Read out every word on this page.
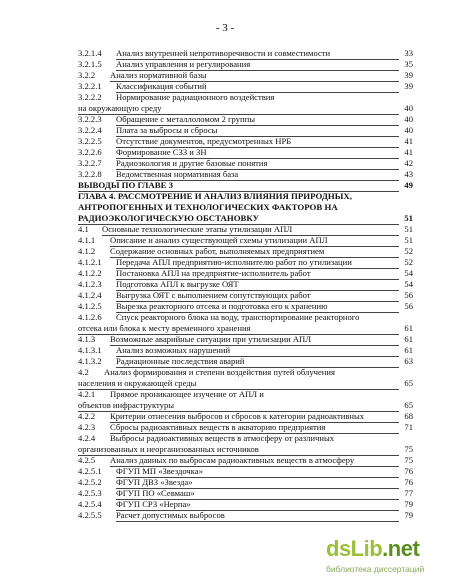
- 3 -
3.2.1.4 Анализ внутренней непротиворечивости и совместимости	33
3.2.1.5 Анализ управления и регулирования	35
3.2.2 Анализ нормативной базы	39
3.2.2.1 Классификация событий	39
3.2.2.2 Нормирование радиационного воздействия
на окружающую среду	40
3.2.2.3 Обращение с металлоломом 2 группы	40
3.2.2.4 Плата за выбросы и сбросы	40
3.2.2.5 Отсутствие документов, предусмотренных НРБ	41
3.2.2.6 Формирование СЗЗ и ЗН	41
3.2.2.7 Радиоэкология и другие базовые понятия	42
3.2.2.8 Ведомственная нормативная база	43
ВЫВОДЫ ПО ГЛАВЕ 3	49
ГЛАВА 4. РАССМОТРЕНИЕ И АНАЛИЗ ВЛИЯНИЯ ПРИРОДНЫХ,
АНТРОПОГЕННЫХ И ТЕХНОЛОГИЧЕСКИХ ФАКТОРОВ НА
РАДИОЭКОЛОГИЧЕСКУЮ ОБСТАНОВКУ	51
4.1 Основные технологические этапы утилизации АПЛ	51
4.1.1 Описание и анализ существующей схемы утилизации АПЛ	51
4.1.2 Содержание основных работ, выполняемых предприятием	52
4.1.2.1 Передача АПЛ предприятию-исполнителю работ по утилизации	52
4.1.2.2 Постановка АПЛ на предприятие-исполнитель работ	54
4.1.2.3 Подготовка АПЛ к выгрузке ОЯТ	54
4.1.2.4 Выгрузка ОЯТ с выполнением сопутствующих работ	56
4.1.2.5 Вырезка реакторного отсека и подготовка его к хранению	56
4.1.2.6 Спуск реакторного блока на воду, транспортирование реакторного
отсека или блока к месту временного хранения	61
4.1.3 Возможные аварийные ситуации при утилизации АПЛ	61
4.1.3.1 Анализ возможных нарушений	61
4.1.3.2 Радиационные последствия аварий	63
4.2 Анализ формирования и степени воздействия путей облучения
населения и окружающей среды	65
4.2.1 Прямое проникающее изучение от АПЛ и
объектов инфраструктуры	65
4.2.2 Критерии отнесения выбросов и сбросов к категории радиоактивных	68
4.2.3 Сбросы радиоактивных веществ в акваторию предприятия	71
4.2.4 Выбросы радиоактивных веществ в атмосферу от различных
организованных и неорганизованных источников	75
4.2.5 Анализ данных по выбросам радиоактивных веществ в атмосферу	75
4.2.5.1 ФГУП МП «Звездочка»	76
4.2.5.2 ФГУП ДВЗ «Звезда»	76
4.2.5.3 ФГУП ПО «Севмаш»	77
4.2.5.4 ФГУП СРЗ «Нерпа»	79
4.2.5.5 Расчет допустимых выбросов	79
dsLib.net
библиотека диссертаций
